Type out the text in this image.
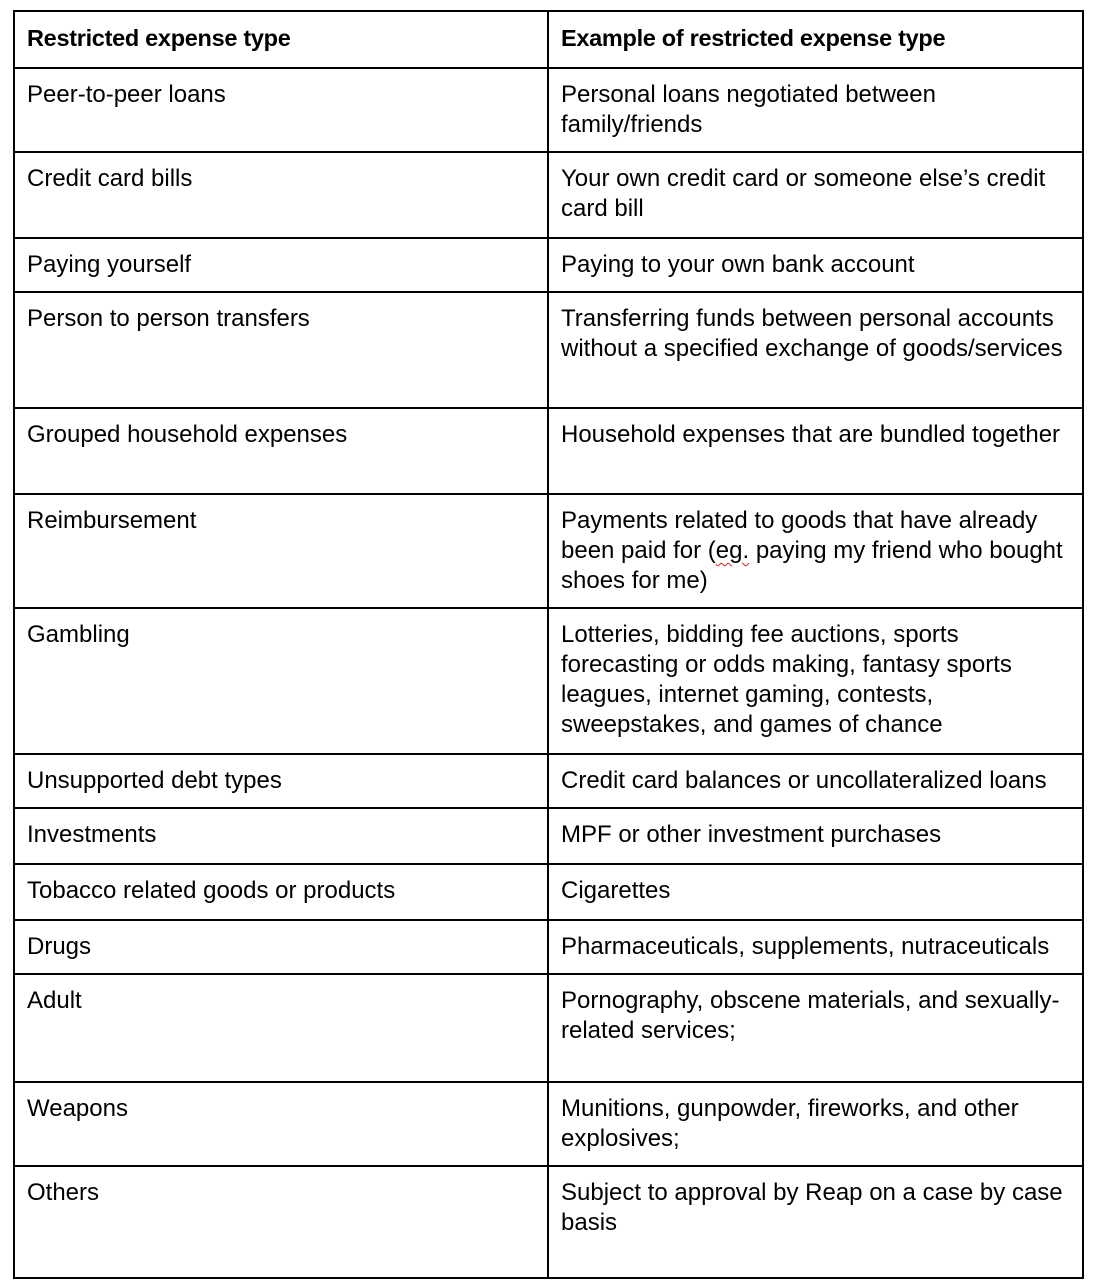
Restricted expense type	Example of restricted expense type
Peer-to-peer loans	Personal loans negotiated between family/friends
Credit card bills	Your own credit card or someone else’s credit card bill
Paying yourself	Paying to your own bank account
Person to person transfers	Transferring funds between personal accounts without a specified exchange of goods/services
Grouped household expenses	Household expenses that are bundled together
Reimbursement	Payments related to goods that have already been paid for (eg. paying my friend who bought shoes for me)
Gambling	Lotteries, bidding fee auctions, sports forecasting or odds making, fantasy sports leagues, internet gaming, contests, sweepstakes, and games of chance
Unsupported debt types	Credit card balances or uncollateralized loans
Investments	MPF or other investment purchases
Tobacco related goods or products	Cigarettes
Drugs	Pharmaceuticals, supplements, nutraceuticals
Adult	Pornography, obscene materials, and sexually-related services;
Weapons	Munitions, gunpowder, fireworks, and other explosives;
Others	Subject to approval by Reap on a case by case basis
